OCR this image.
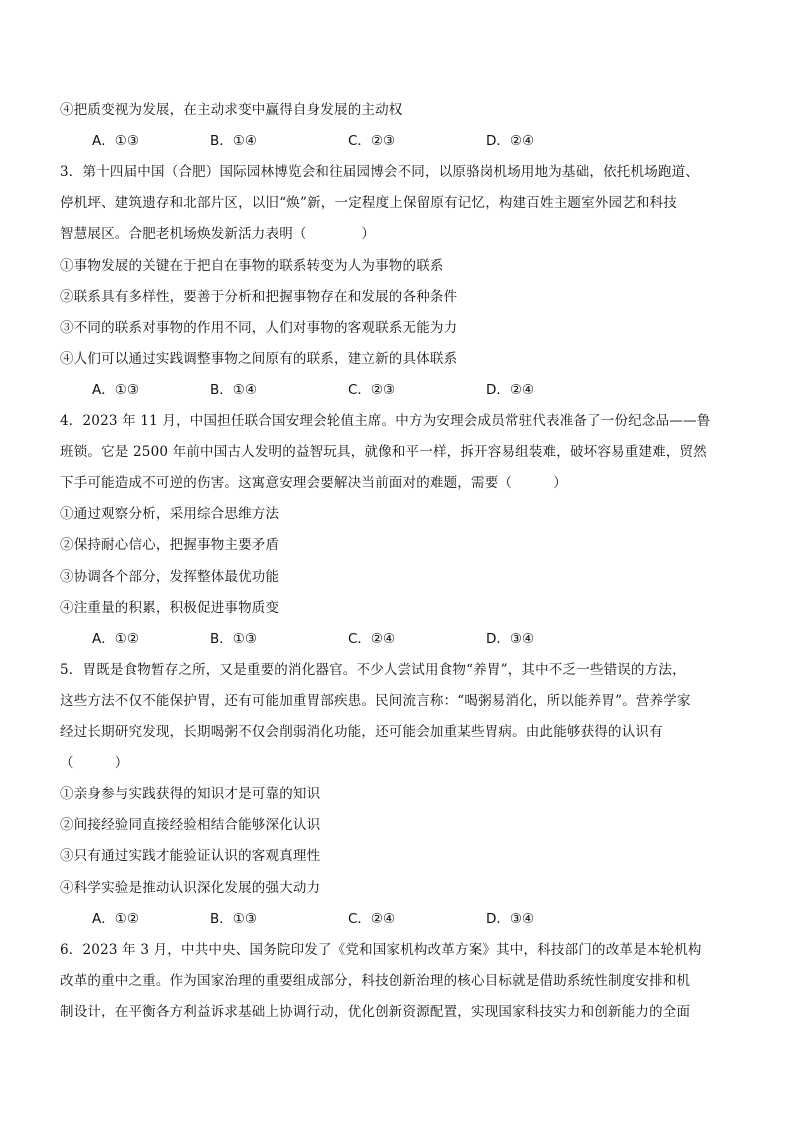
④把质变视为发展，在主动求变中赢得自身发展的主动权
A．①③	B．①④	C．②③	D．②④
3．第十四届中国（合肥）国际园林博览会和往届园博会不同，以原骆岗机场用地为基础，依托机场跑道、
停机坪、建筑遗存和北部片区，以旧“焕”新，一定程度上保留原有记忆，构建百姓主题室外园艺和科技
智慧展区。合肥老机场焕发新活力表明（　　　　）
①事物发展的关键在于把自在事物的联系转变为人为事物的联系
②联系具有多样性，要善于分析和把握事物存在和发展的各种条件
③不同的联系对事物的作用不同，人们对事物的客观联系无能为力
④人们可以通过实践调整事物之间原有的联系，建立新的具体联系
A．①③	B．①④	C．②③	D．②④
4．2023 年 11 月，中国担任联合国安理会轮值主席。中方为安理会成员常驻代表准备了一份纪念品——鲁
班锁。它是 2500 年前中国古人发明的益智玩具，就像和平一样，拆开容易组装难，破坏容易重建难，贸然
下手可能造成不可逆的伤害。这寓意安理会要解决当前面对的难题，需要（　　　）
①通过观察分析，采用综合思维方法
②保持耐心信心，把握事物主要矛盾
③协调各个部分，发挥整体最优功能
④注重量的积累，积极促进事物质变
A．①②	B．①③	C．②④	D．③④
5．胃既是食物暂存之所，又是重要的消化器官。不少人尝试用食物“养胃”，其中不乏一些错误的方法，
这些方法不仅不能保护胃，还有可能加重胃部疾患。民间流言称：“喝粥易消化，所以能养胃”。营养学家
经过长期研究发现，长期喝粥不仅会削弱消化功能，还可能会加重某些胃病。由此能够获得的认识有
（　　　）
①亲身参与实践获得的知识才是可靠的知识
②间接经验同直接经验相结合能够深化认识
③只有通过实践才能验证认识的客观真理性
④科学实验是推动认识深化发展的强大动力
A．①②	B．①③	C．②④	D．③④
6．2023 年 3 月，中共中央、国务院印发了《党和国家机构改革方案》其中，科技部门的改革是本轮机构
改革的重中之重。作为国家治理的重要组成部分，科技创新治理的核心目标就是借助系统性制度安排和机
制设计，在平衡各方利益诉求基础上协调行动，优化创新资源配置，实现国家科技实力和创新能力的全面
